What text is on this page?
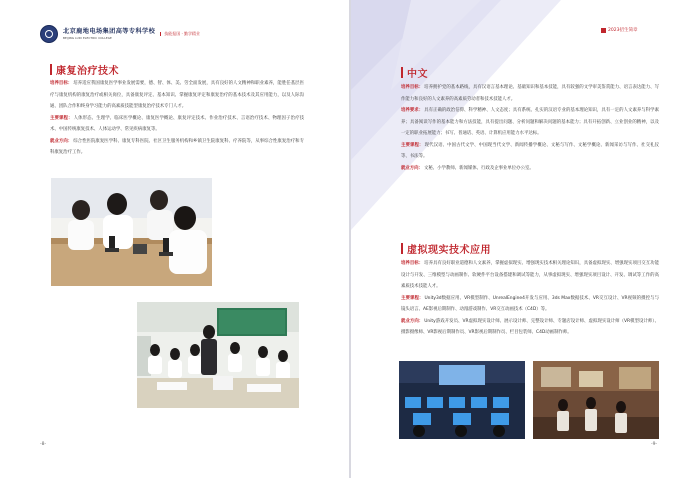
北京鹿地电场集团高等专科学校
BEIJING LUDI ELECTRIC COLLEGE
技能报国 · 勤学精业
康复治疗技术
培养目标：培养适应我国康复医学事业发展需要，德、智、体、美、劳全面发展，具有良好的人文精神和职业素养，能胜任基层医疗与康复机构的康复治疗或相关岗位，具备康复评定、基本知识、掌握康复评定和康复治疗的基本技术及其应用能力，以及人际沟通、团队合作和终身学习能力的高素质技能型康复治疗技术专门人才。
主要课程：人体形态、生理学、临床医学概论、康复医学概论、康复评定技术、作业治疗技术、言语治疗技术、物理因子治疗技术、中国传统康复技术、人体运动学、常见疾病康复等。
就业方向：综合性医院康复医学科、康复专科医院、社区卫生服务机构和乡镇卫生院康复科、疗养院等，从事综合性康复治疗和专科康复治疗工作。
-8-
2023招生简章
中文
培养目标：培养拥护党的基本路线，具有汉语言基本理论、基础知识和基本技能，具有较强的文学审美鉴赏能力、语言表达能力、写作能力和良好的人文素养的高素质劳动者和技术技能人才。
培养要求：具有正确的政治信仰、科学精神、人文态度；具有系统、扎实的汉语专业的基本理论知识，具有一定的人文素养与科学素养；具备阅读写作的基本能力和方法技能，具有提出问题、分析问题和解决问题的基本能力；具有开拓创新、立业创业的精神，以及一定的职业拓展能力；书写、普通话、英语、计算机应用能力水平达标。
主要课程：现代汉语、中国古代文学、中国现当代文学、新闻传播学概论、文秘与写作、文秘学概论、新闻采访与写作、社交礼仪等、书法等。
就业方向：文秘、小学教师、新闻媒体、行政及企事业单位办公室。
虚拟现实技术应用
培养目标：培养具有良好职业道德和人文素养，掌握虚拟现实、增强现实技术相关理论知识，具备虚拟现实、增强现实项目交互功能设计与开发、三维模型与动画制作、软硬件平台设备搭建和调试等能力，从事虚拟现实、增强现实项目设计、开发、调试等工作的高素质技术技能人才。
主要课程：Unity3d数据应用、VR模型制作、UnrealEngine4开发与应用、3ds Max数据技术、VR交互设计、VR视频的摄控与与镜头语言、AE影视后期制作、动漫游戏制作、VR交互动画技术（C4D）等。
就业方向：Unity游戏开发员、VR虚拟现实设计师、展示设计师、完整设计师、专题店设计师、虚拟现实设计师（VR模型设计师）、摄影摄像师、VR影视后期制作员、VR影视后期制作员、栏目包装师、C4D动画制作师。
-9-
